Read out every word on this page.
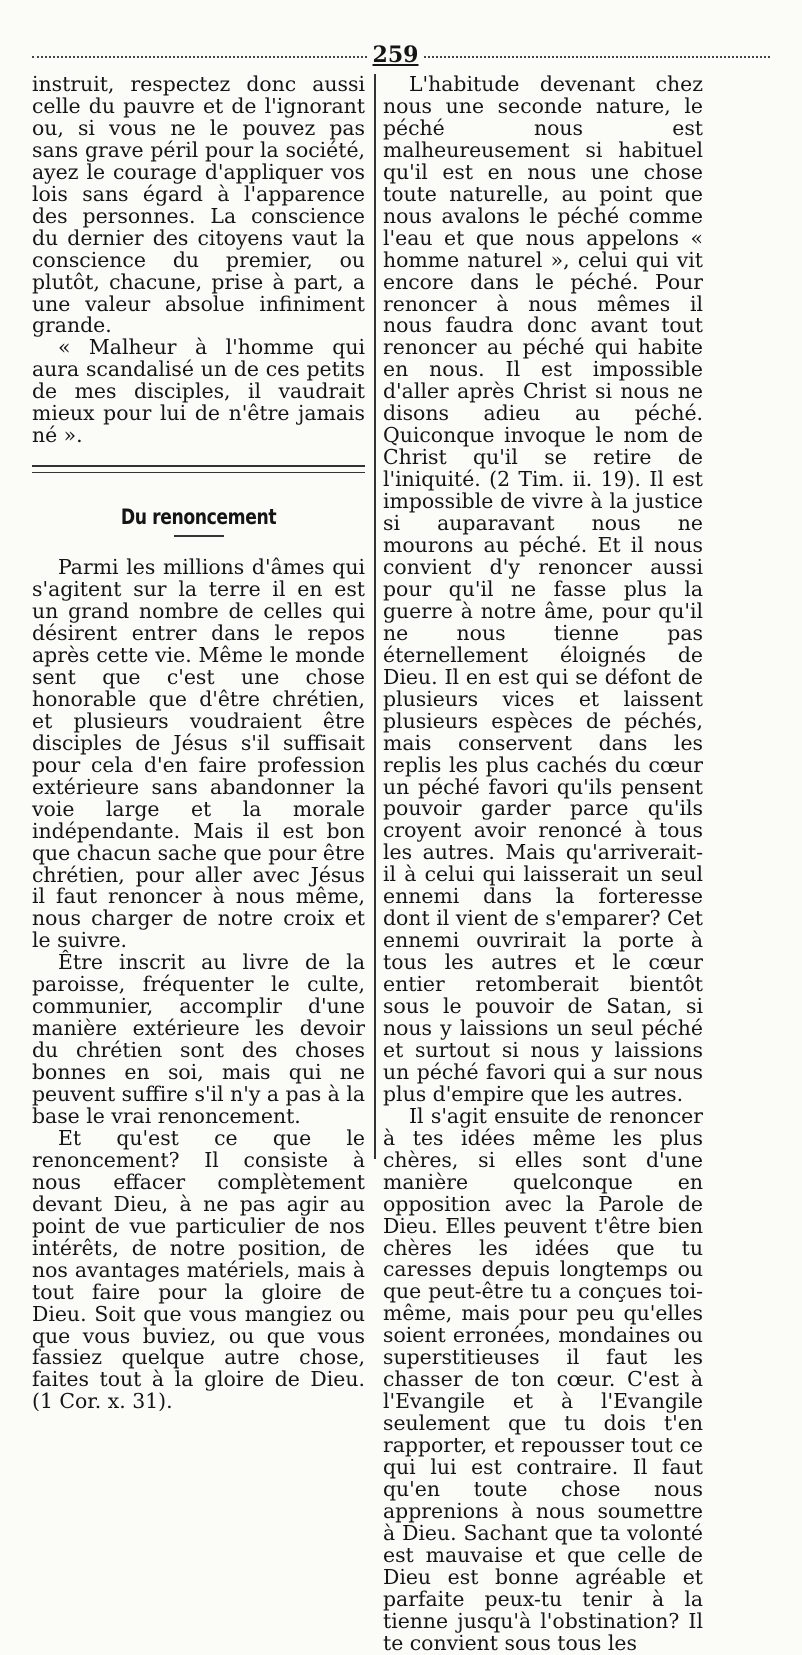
259

instruit, respectez donc aussi celle du pauvre et de l'ignorant ou, si vous ne le pouvez pas sans grave péril pour la société, ayez le courage d'appliquer vos lois sans égard à l'apparence des personnes. La conscience du dernier des citoyens vaut la conscience du premier, ou plutôt, chacune, prise à part, a une valeur absolue infiniment grande.

« Malheur à l'homme qui aura scandalisé un de ces petits de mes disciples, il vaudrait mieux pour lui de n'être jamais né ».

Du renoncement

Parmi les millions d'âmes qui s'agitent sur la terre il en est un grand nombre de celles qui désirent entrer dans le repos après cette vie. Même le monde sent que c'est une chose honorable que d'être chrétien, et plusieurs voudraient être disciples de Jésus s'il suffisait pour cela d'en faire profession extérieure sans abandonner la voie large et la morale indépendante. Mais il est bon que chacun sache que pour être chrétien, pour aller avec Jésus il faut renoncer à nous même, nous charger de notre croix et le suivre.

Être inscrit au livre de la paroisse, fréquenter le culte, communier, accomplir d'une manière extérieure les devoir du chrétien sont des choses bonnes en soi, mais qui ne peuvent suffire s'il n'y a pas à la base le vrai renoncement.

Et qu'est ce que le renoncement? Il consiste à nous effacer complètement devant Dieu, à ne pas agir au point de vue particulier de nos intérêts, de notre position, de nos avantages matériels, mais à tout faire pour la gloire de Dieu. Soit que vous mangiez ou que vous buviez, ou que vous fassiez quelque autre chose, faites tout à la gloire de Dieu. (1 Cor. x. 31).

L'habitude devenant chez nous une seconde nature, le péché nous est malheureusement si habituel qu'il est en nous une chose toute naturelle, au point que nous avalons le péché comme l'eau et que nous appelons « homme naturel », celui qui vit encore dans le péché. Pour renoncer à nous mêmes il nous faudra donc avant tout renoncer au péché qui habite en nous. Il est impossible d'aller après Christ si nous ne disons adieu au péché. Quiconque invoque le nom de Christ qu'il se retire de l'iniquité. (2 Tim. ii. 19). Il est impossible de vivre à la justice si auparavant nous ne mourons au péché. Et il nous convient d'y renoncer aussi pour qu'il ne fasse plus la guerre à notre âme, pour qu'il ne nous tienne pas éternellement éloignés de Dieu. Il en est qui se défont de plusieurs vices et laissent plusieurs espèces de péchés, mais conservent dans les replis les plus cachés du cœur un péché favori qu'ils pensent pouvoir garder parce qu'ils croyent avoir renoncé à tous les autres. Mais qu'arriverait-il à celui qui laisserait un seul ennemi dans la forteresse dont il vient de s'emparer? Cet ennemi ouvrirait la porte à tous les autres et le cœur entier retomberait bientôt sous le pouvoir de Satan, si nous y laissions un seul péché et surtout si nous y laissions un péché favori qui a sur nous plus d'empire que les autres.

Il s'agit ensuite de renoncer à tes idées même les plus chères, si elles sont d'une manière quelconque en opposition avec la Parole de Dieu. Elles peuvent t'être bien chères les idées que tu caresses depuis longtemps ou que peut-être tu a conçues toi-même, mais pour peu qu'elles soient erronées, mondaines ou superstitieuses il faut les chasser de ton cœur. C'est à l'Evangile et à l'Evangile seulement que tu dois t'en rapporter, et repousser tout ce qui lui est contraire. Il faut qu'en toute chose nous apprenions à nous soumettre à Dieu. Sachant que ta volonté est mauvaise et que celle de Dieu est bonne agréable et parfaite peux-tu tenir à la tienne jusqu'à l'obstination? Il te convient sous tous les
